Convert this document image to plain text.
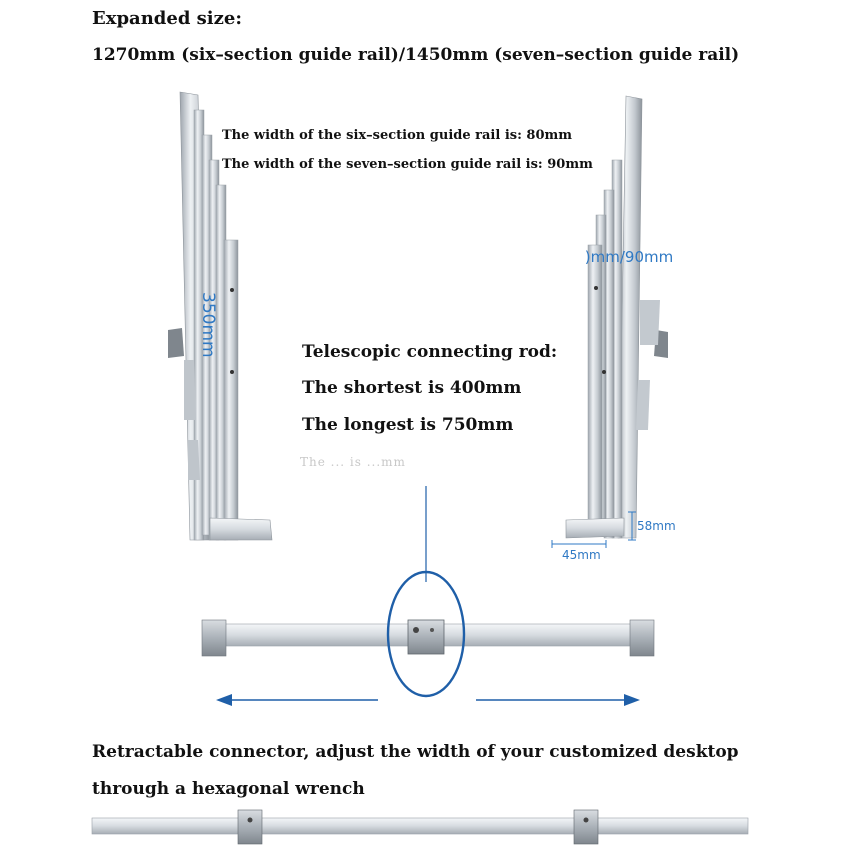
Expanded size:
1270mm (six–section guide rail)/1450mm (seven–section guide rail)
The width of the six–section guide rail is: 80mm
The width of the seven–section guide rail is: 90mm
350mm
)mm/90mm
58mm
45mm
Telescopic connecting rod:
The shortest is 400mm
The longest is 750mm
The ... is ...mm
Retractable connector, adjust the width of your customized desktop
through a hexagonal wrench
